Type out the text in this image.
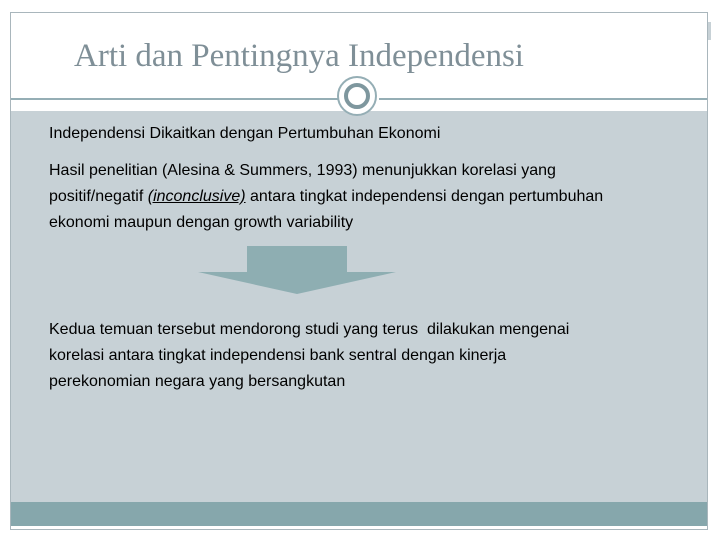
Arti dan Pentingnya Independensi

Independensi Dikaitkan dengan Pertumbuhan Ekonomi

Hasil penelitian (Alesina & Summers, 1993) menunjukkan korelasi yang
positif/negatif (inconclusive) antara tingkat independensi dengan pertumbuhan
ekonomi maupun dengan growth variability
Kedua temuan tersebut mendorong studi yang terus  dilakukan mengenai
korelasi antara tingkat independensi bank sentral dengan kinerja
perekonomian negara yang bersangkutan
